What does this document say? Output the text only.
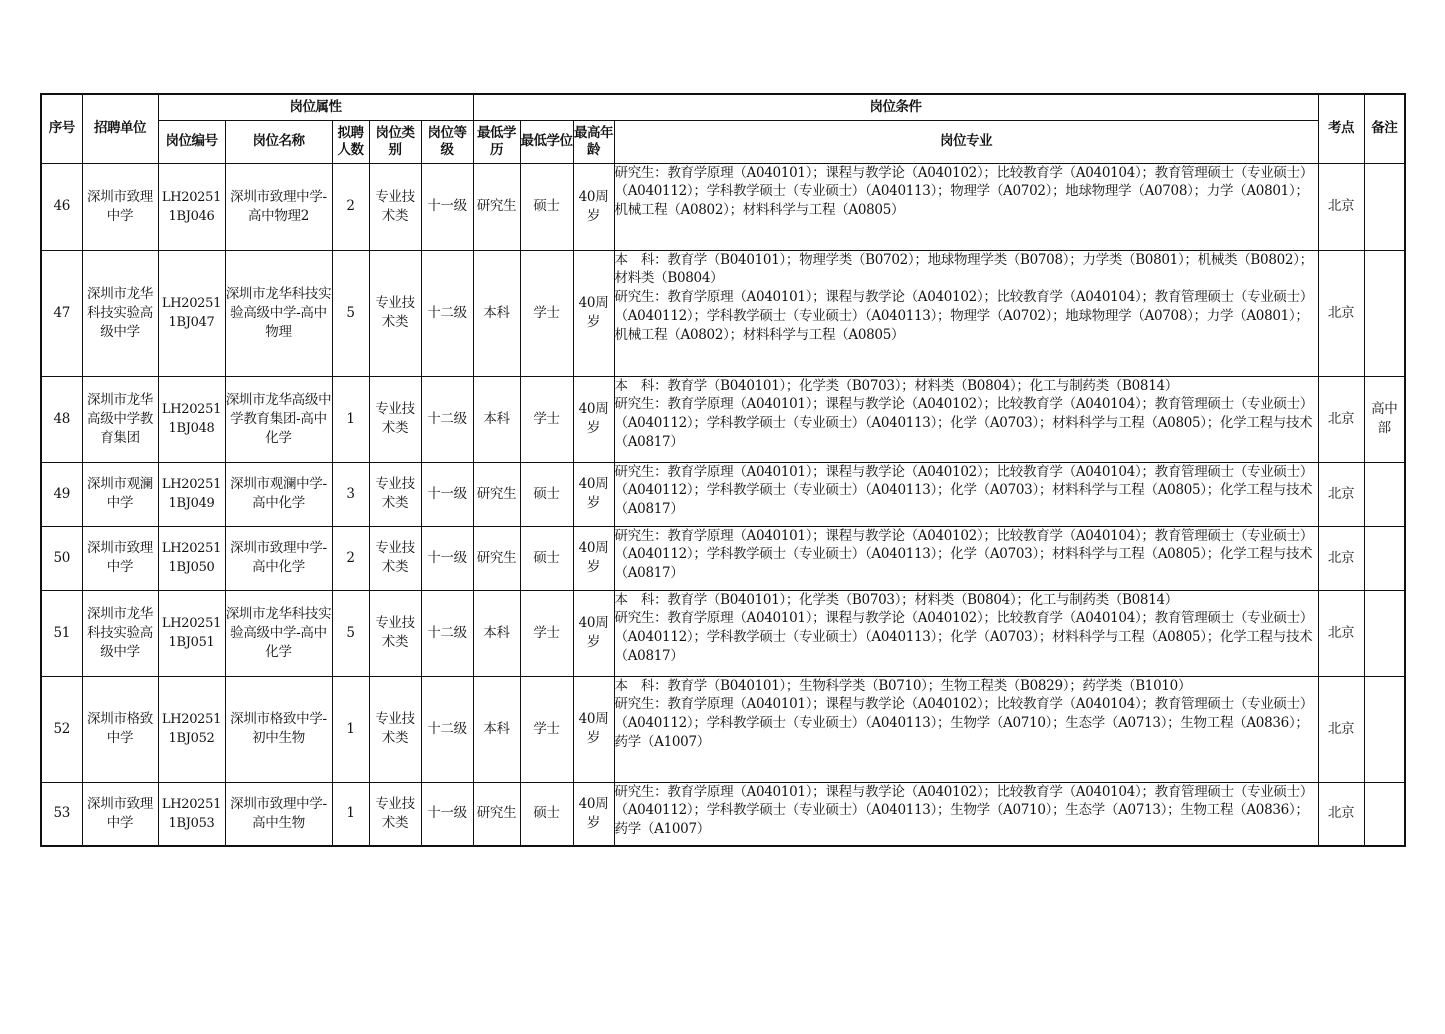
序号	招聘单位	岗位属性					岗位条件				考点	备注
		岗位编号	岗位名称	拟聘人数	岗位类别	岗位等级	最低学历	最低学位	最高年龄	岗位专业		
46	深圳市致理中学	LH202511BJ046	深圳市致理中学-高中物理2	2	专业技术类	十一级	研究生	硕士	40周岁	研究生：教育学原理（A040101）；课程与教学论（A040102）；比较教育学（A040104）；教育管理硕士（专业硕士）（A040112）；学科教学硕士（专业硕士）（A040113）；物理学（A0702）；地球物理学（A0708）；力学（A0801）；机械工程（A0802）；材料科学与工程（A0805）	北京	
47	深圳市龙华科技实验高级中学	LH202511BJ047	深圳市龙华科技实验高级中学-高中物理	5	专业技术类	十二级	本科	学士	40周岁	本　科：教育学（B040101）；物理学类（B0702）；地球物理学类（B0708）；力学类（B0801）；机械类（B0802）；材料类（B0804）
研究生：教育学原理（A040101）；课程与教学论（A040102）；比较教育学（A040104）；教育管理硕士（专业硕士）（A040112）；学科教学硕士（专业硕士）（A040113）；物理学（A0702）；地球物理学（A0708）；力学（A0801）；机械工程（A0802）；材料科学与工程（A0805）	北京	
48	深圳市龙华高级中学教育集团	LH202511BJ048	深圳市龙华高级中学教育集团-高中化学	1	专业技术类	十二级	本科	学士	40周岁	本　科：教育学（B040101）；化学类（B0703）；材料类（B0804）；化工与制药类（B0814）
研究生：教育学原理（A040101）；课程与教学论（A040102）；比较教育学（A040104）；教育管理硕士（专业硕士）（A040112）；学科教学硕士（专业硕士）（A040113）；化学（A0703）；材料科学与工程（A0805）；化学工程与技术（A0817）	北京	高中部
49	深圳市观澜中学	LH202511BJ049	深圳市观澜中学-高中化学	3	专业技术类	十一级	研究生	硕士	40周岁	研究生：教育学原理（A040101）；课程与教学论（A040102）；比较教育学（A040104）；教育管理硕士（专业硕士）（A040112）；学科教学硕士（专业硕士）（A040113）；化学（A0703）；材料科学与工程（A0805）；化学工程与技术（A0817）	北京	
50	深圳市致理中学	LH202511BJ050	深圳市致理中学-高中化学	2	专业技术类	十一级	研究生	硕士	40周岁	研究生：教育学原理（A040101）；课程与教学论（A040102）；比较教育学（A040104）；教育管理硕士（专业硕士）（A040112）；学科教学硕士（专业硕士）（A040113）；化学（A0703）；材料科学与工程（A0805）；化学工程与技术（A0817）	北京	
51	深圳市龙华科技实验高级中学	LH202511BJ051	深圳市龙华科技实验高级中学-高中化学	5	专业技术类	十二级	本科	学士	40周岁	本　科：教育学（B040101）；化学类（B0703）；材料类（B0804）；化工与制药类（B0814）
研究生：教育学原理（A040101）；课程与教学论（A040102）；比较教育学（A040104）；教育管理硕士（专业硕士）（A040112）；学科教学硕士（专业硕士）（A040113）；化学（A0703）；材料科学与工程（A0805）；化学工程与技术（A0817）	北京	
52	深圳市格致中学	LH202511BJ052	深圳市格致中学-初中生物	1	专业技术类	十二级	本科	学士	40周岁	本　科：教育学（B040101）；生物科学类（B0710）；生物工程类（B0829）；药学类（B1010）
研究生：教育学原理（A040101）；课程与教学论（A040102）；比较教育学（A040104）；教育管理硕士（专业硕士）（A040112）；学科教学硕士（专业硕士）（A040113）；生物学（A0710）；生态学（A0713）；生物工程（A0836）；药学（A1007）	北京	
53	深圳市致理中学	LH202511BJ053	深圳市致理中学-高中生物	1	专业技术类	十一级	研究生	硕士	40周岁	研究生：教育学原理（A040101）；课程与教学论（A040102）；比较教育学（A040104）；教育管理硕士（专业硕士）（A040112）；学科教学硕士（专业硕士）（A040113）；生物学（A0710）；生态学（A0713）；生物工程（A0836）；药学（A1007）	北京	
